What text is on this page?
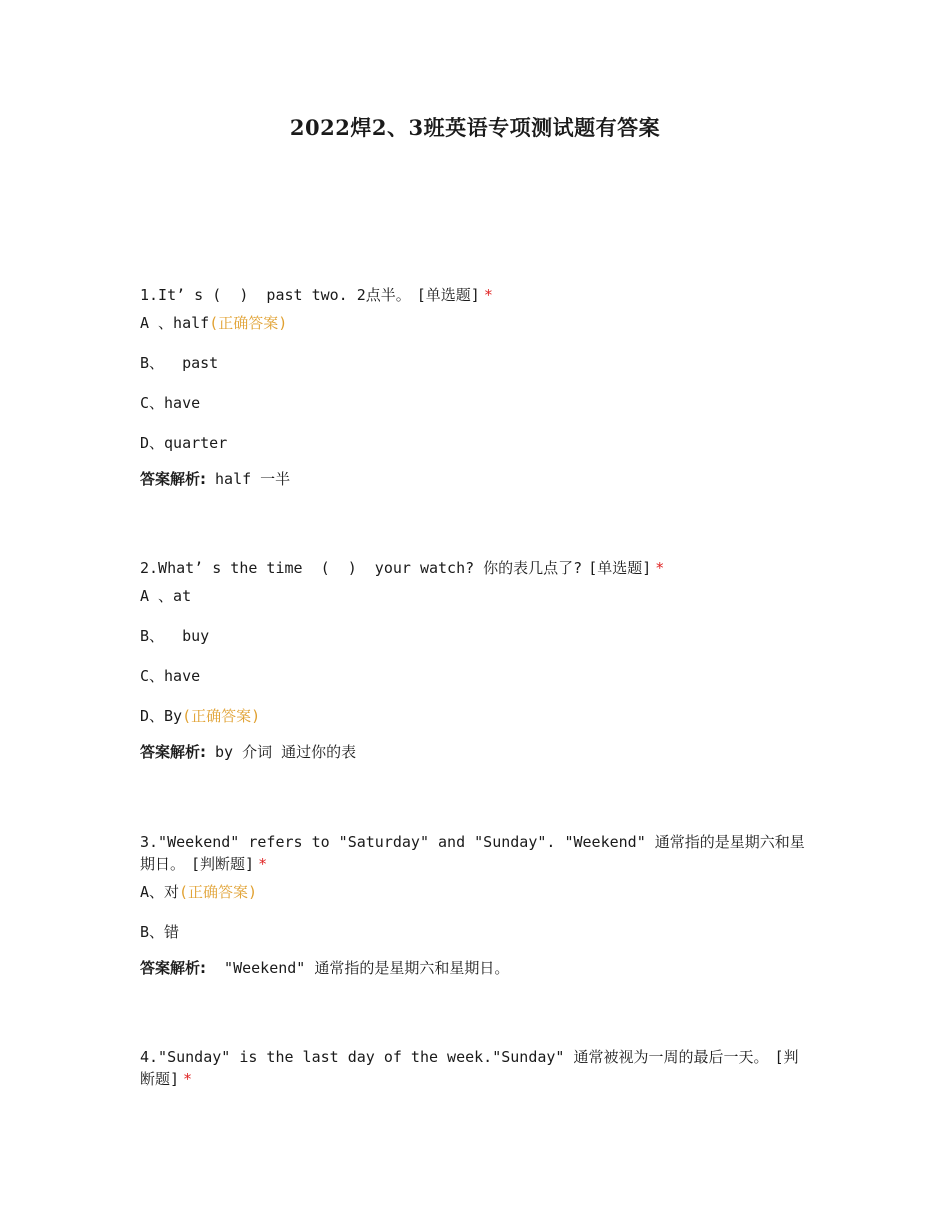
2022焊2、3班英语专项测试题有答案

1.It’ s (  )  past two. 2点半。 [单选题] *

A 、half(正确答案)

B、  past

C、have

D、quarter

答案解析: half 一半

2.What’ s the time  (  )  your watch? 你的表几点了? [单选题] *

A 、at

B、  buy

C、have

D、By(正确答案)

答案解析: by 介词 通过你的表

3."Weekend" refers to "Saturday" and "Sunday". "Weekend" 通常指的是星期六和星期日。 [判断题] *

A、对(正确答案)

B、错

答案解析:  "Weekend" 通常指的是星期六和星期日。

4."Sunday" is the last day of the week."Sunday" 通常被视为一周的最后一天。 [判断题] *
